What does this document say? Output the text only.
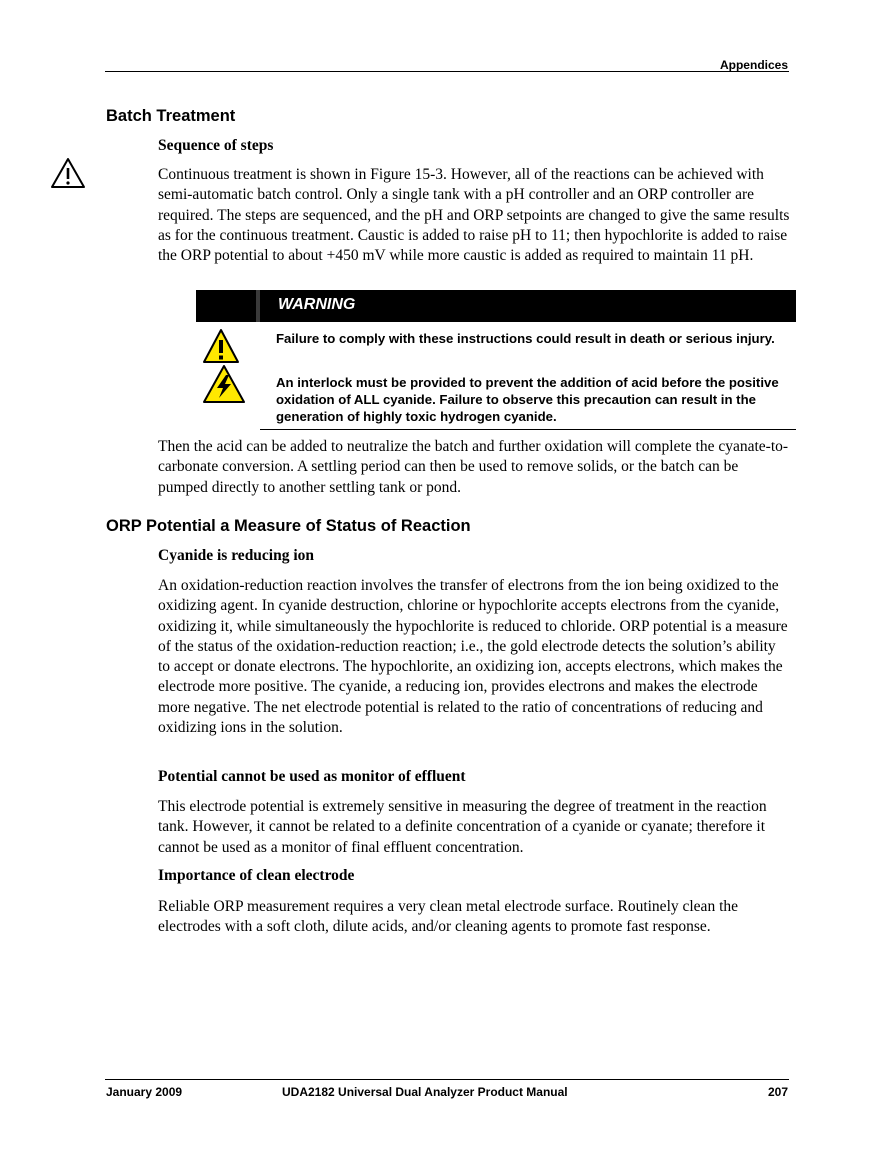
Appendices
Batch Treatment
Sequence of steps
Continuous treatment is shown in Figure 15-3. However, all of the reactions can be achieved with semi-automatic batch control. Only a single tank with a pH controller and an ORP controller are required. The steps are sequenced, and the pH and ORP setpoints are changed to give the same results as for the continuous treatment. Caustic is added to raise pH to 11; then hypochlorite is added to raise the ORP potential to about +450 mV while more caustic is added as required to maintain 11 pH.
WARNING
Failure to comply with these instructions could result in death or serious injury.
An interlock must be provided to prevent the addition of acid before the positive oxidation of ALL cyanide. Failure to observe this precaution can result in the generation of highly toxic hydrogen cyanide.
Then the acid can be added to neutralize the batch and further oxidation will complete the cyanate-to-carbonate conversion. A settling period can then be used to remove solids, or the batch can be pumped directly to another settling tank or pond.
ORP Potential a Measure of Status of Reaction
Cyanide is reducing ion
An oxidation-reduction reaction involves the transfer of electrons from the ion being oxidized to the oxidizing agent. In cyanide destruction, chlorine or hypochlorite accepts electrons from the cyanide, oxidizing it, while simultaneously the hypochlorite is reduced to chloride. ORP potential is a measure of the status of the oxidation-reduction reaction; i.e., the gold electrode detects the solution’s ability to accept or donate electrons. The hypochlorite, an oxidizing ion, accepts electrons, which makes the electrode more positive. The cyanide, a reducing ion, provides electrons and makes the electrode more negative. The net electrode potential is related to the ratio of concentrations of reducing and oxidizing ions in the solution.
Potential cannot be used as monitor of effluent
This electrode potential is extremely sensitive in measuring the degree of treatment in the reaction tank. However, it cannot be related to a definite concentration of a cyanide or cyanate; therefore it cannot be used as a monitor of final effluent concentration.
Importance of clean electrode
Reliable ORP measurement requires a very clean metal electrode surface. Routinely clean the electrodes with a soft cloth, dilute acids, and/or cleaning agents to promote fast response.
January 2009	UDA2182 Universal Dual Analyzer Product Manual	207
